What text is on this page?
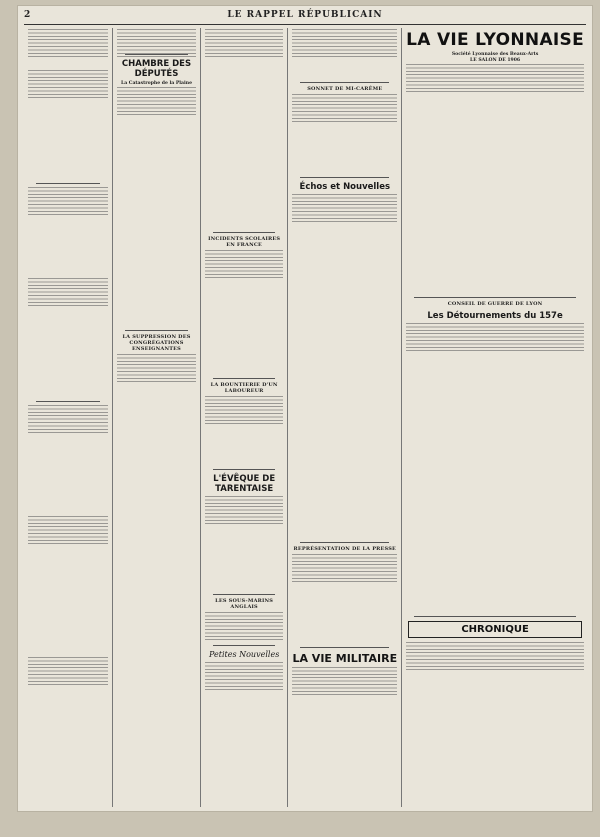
2	LE RAPPEL RÉPUBLICAIN
CHAMBRE DES DÉPUTÉS
La Catastrophe de la Plaine
LA SUPPRESSION DES CONGRÉGATIONS ENSEIGNANTES
INCIDENTS SCOLAIRES EN FRANCE
LA BOUNTIERIE D'UN LABOUREUR
L'ÉVÊQUE DE TARENTAISE
LES SOUS-MARINS ANGLAIS
Petites Nouvelles
SONNET DE MI-CARÊME
Échos et Nouvelles
REPRÉSENTATION DE LA PRESSE
LA VIE MILITAIRE
LA VIE LYONNAISE
Société Lyonnaise des Beaux-Arts
LE SALON DE 1906
CONSEIL DE GUERRE DE LYON
Les Détournements du 157e
CHRONIQUE
